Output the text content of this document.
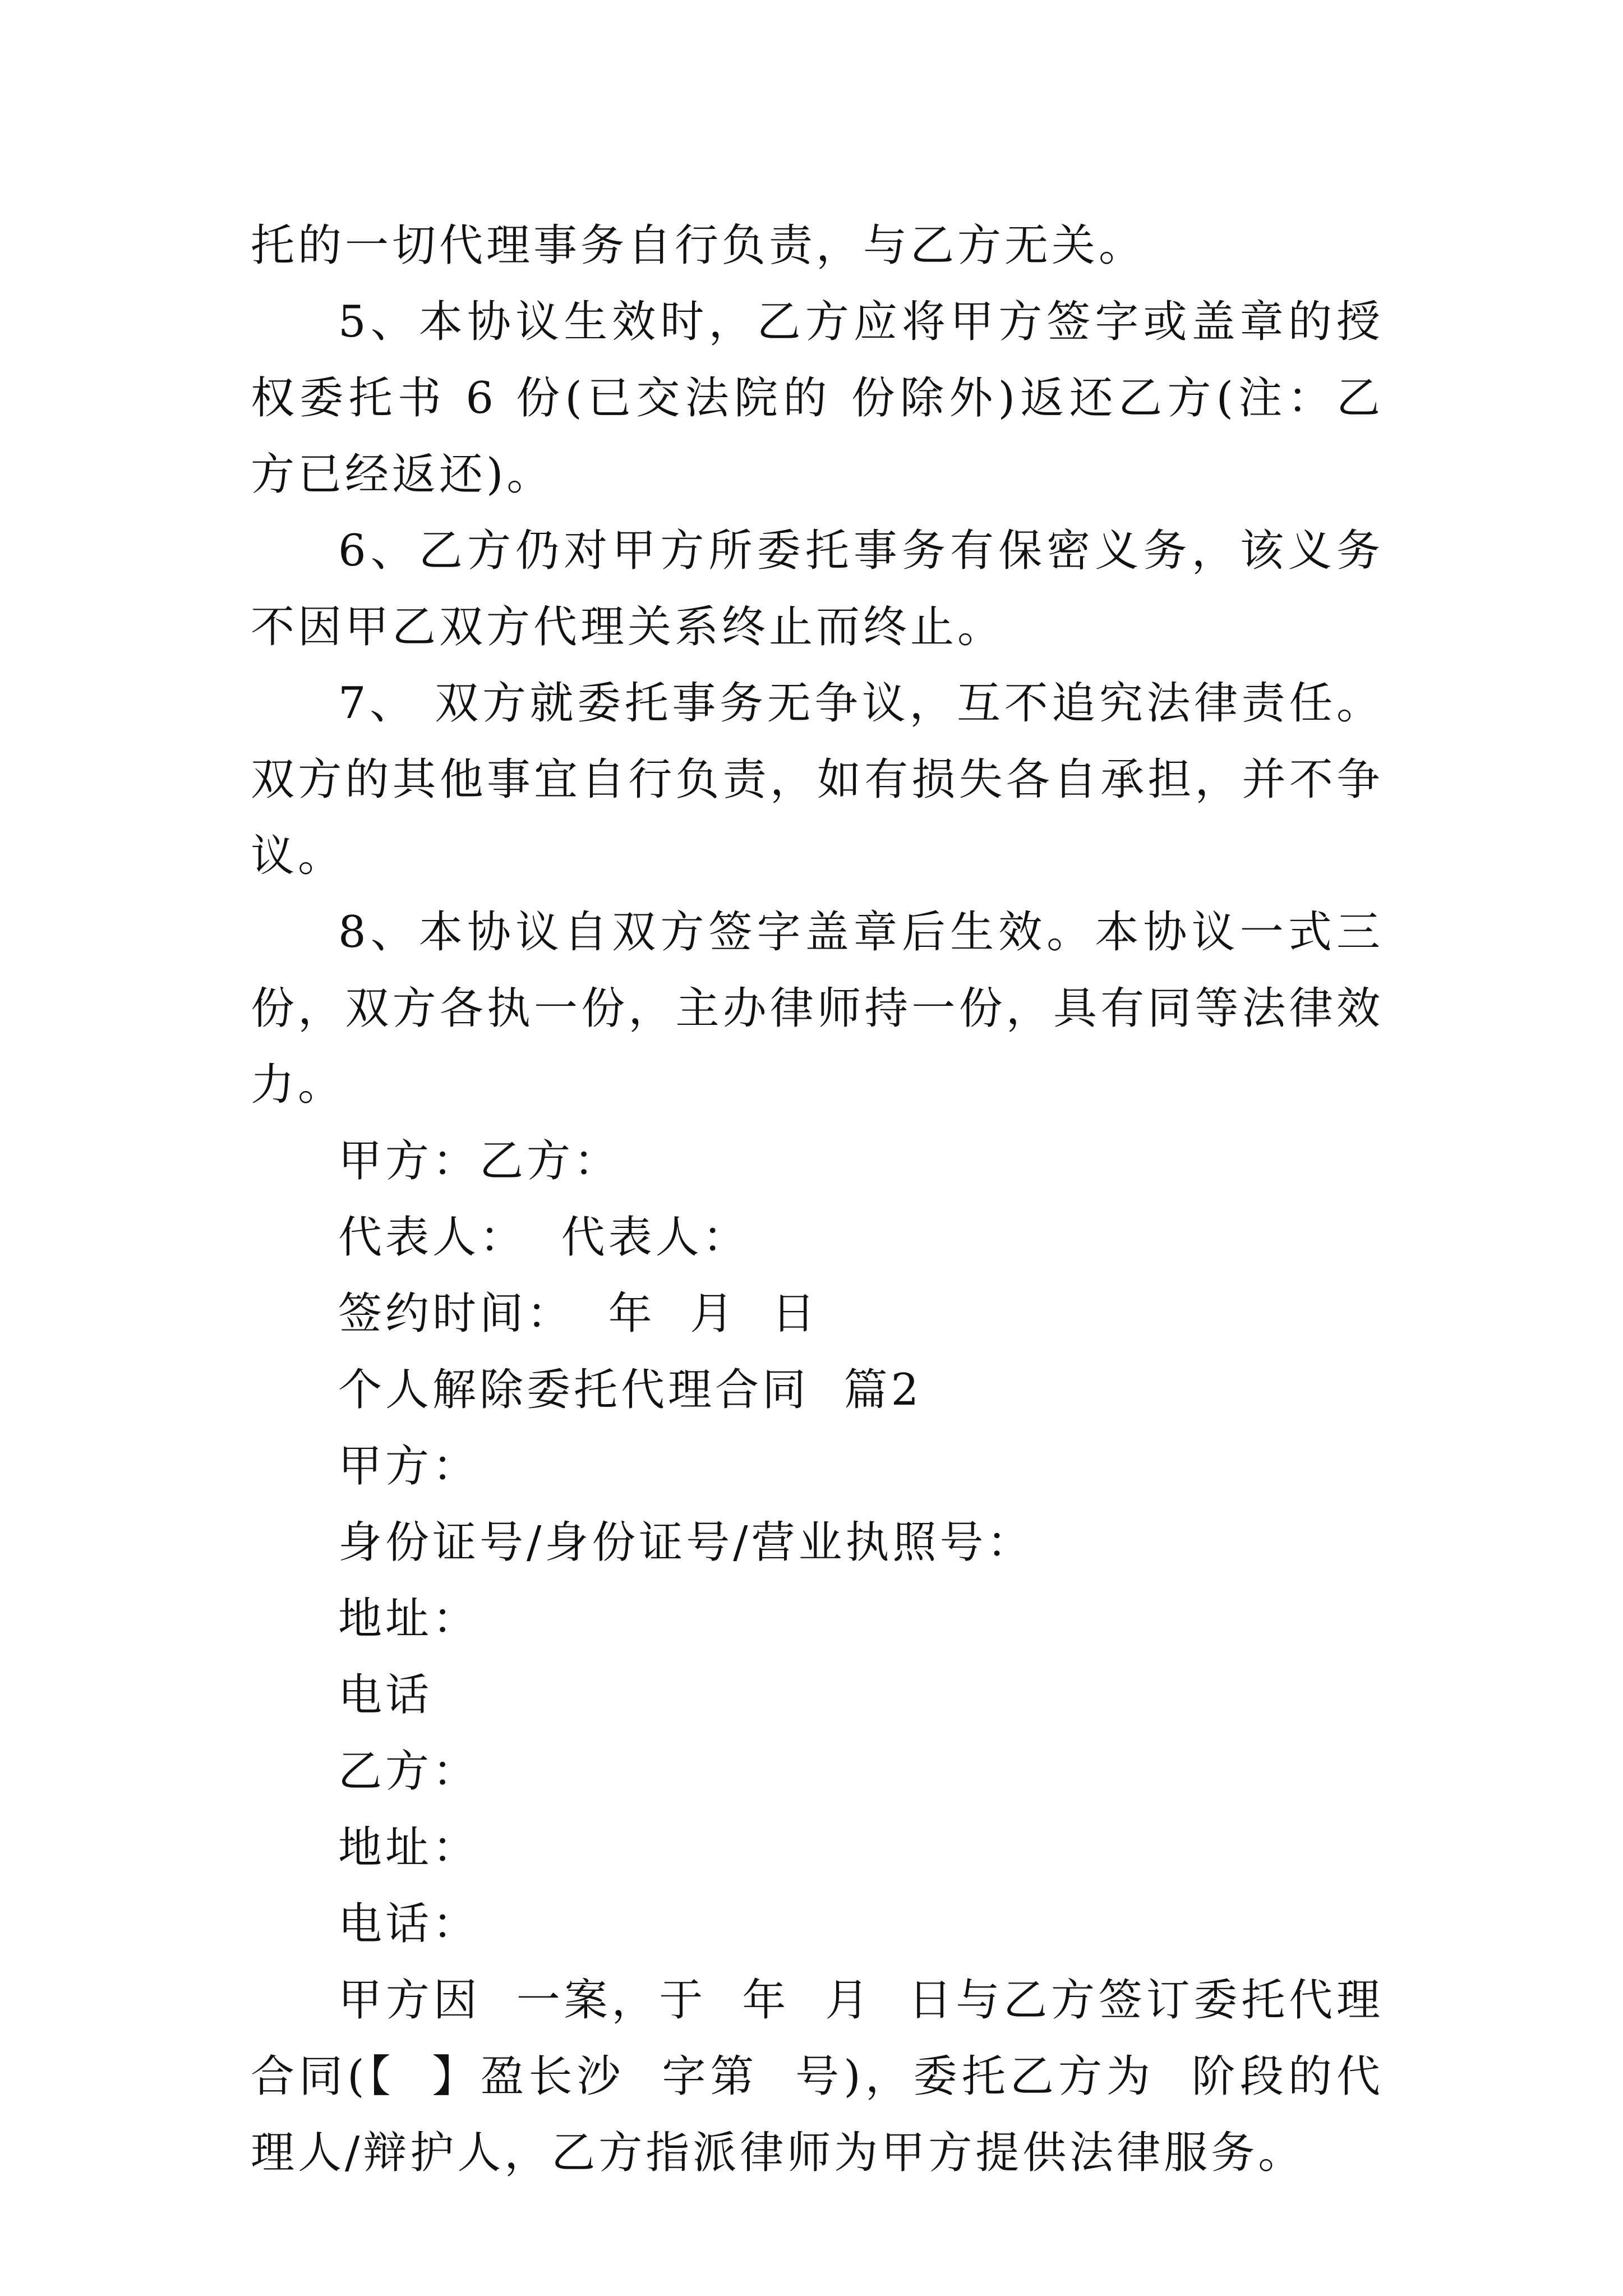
托的一切代理事务自行负责，与乙方无关。

5、本协议生效时，乙方应将甲方签字或盖章的授权委托书 6 份(已交法院的 份除外)返还乙方(注：乙方已经返还)。

6、乙方仍对甲方所委托事务有保密义务，该义务不因甲乙双方代理关系终止而终止。

7、 双方就委托事务无争议，互不追究法律责任。双方的其他事宜自行负责，如有损失各自承担，并不争议。

8、本协议自双方签字盖章后生效。本协议一式三份，双方各执一份，主办律师持一份，具有同等法律效力。

甲方：乙方：
代表人：  代表人：
签约时间：  年  月  日
个人解除委托代理合同  篇2
甲方：
身份证号/身份证号/营业执照号：
地址：
电话
乙方：
地址：
电话：

甲方因  一案，于  年  月  日与乙方签订委托代理合同(【  】盈长沙  字第  号)，委托乙方为  阶段的代理人/辩护人，乙方指派律师为甲方提供法律服务。
